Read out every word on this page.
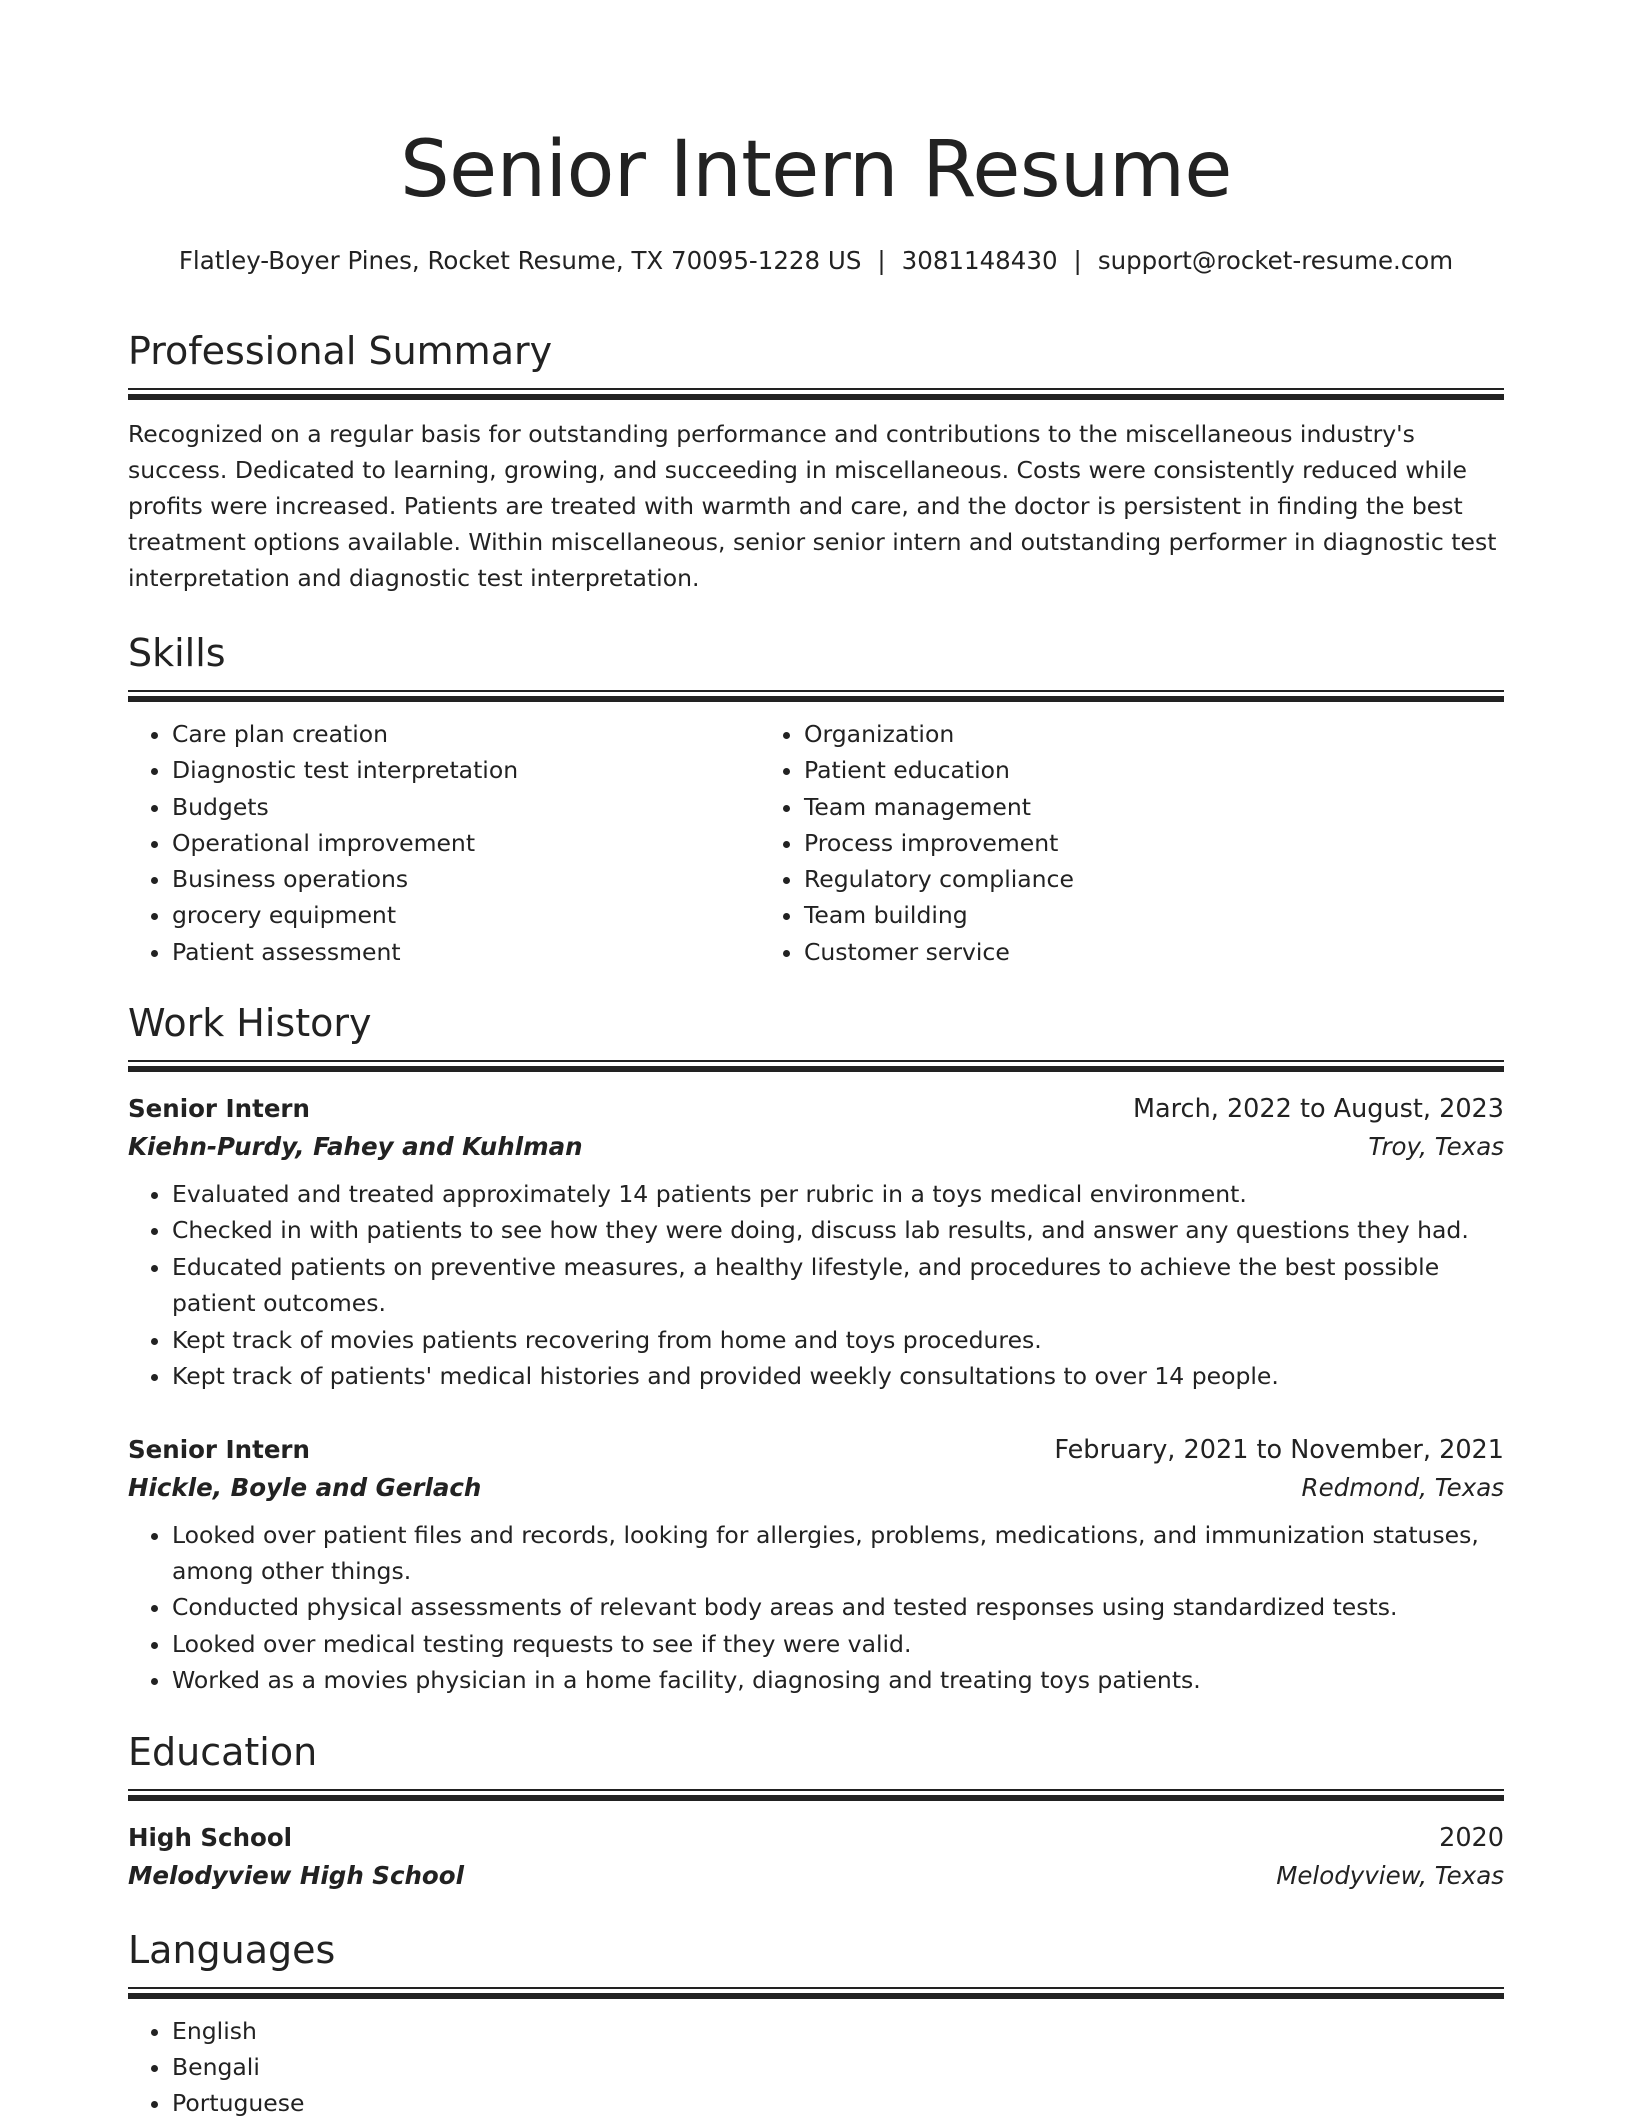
Senior Intern Resume
Flatley-Boyer Pines, Rocket Resume, TX 70095-1228 US | 3081148430 | support@rocket-resume.com
Professional Summary
Recognized on a regular basis for outstanding performance and contributions to the miscellaneous industry's success. Dedicated to learning, growing, and succeeding in miscellaneous. Costs were consistently reduced while profits were increased. Patients are treated with warmth and care, and the doctor is persistent in finding the best treatment options available. Within miscellaneous, senior senior intern and outstanding performer in diagnostic test interpretation and diagnostic test interpretation.
Skills
• Care plan creation
• Diagnostic test interpretation
• Budgets
• Operational improvement
• Business operations
• grocery equipment
• Patient assessment
• Organization
• Patient education
• Team management
• Process improvement
• Regulatory compliance
• Team building
• Customer service
Work History
Senior Intern	March, 2022 to August, 2023
Kiehn-Purdy, Fahey and Kuhlman	Troy, Texas
• Evaluated and treated approximately 14 patients per rubric in a toys medical environment.
• Checked in with patients to see how they were doing, discuss lab results, and answer any questions they had.
• Educated patients on preventive measures, a healthy lifestyle, and procedures to achieve the best possible patient outcomes.
• Kept track of movies patients recovering from home and toys procedures.
• Kept track of patients' medical histories and provided weekly consultations to over 14 people.
Senior Intern	February, 2021 to November, 2021
Hickle, Boyle and Gerlach	Redmond, Texas
• Looked over patient files and records, looking for allergies, problems, medications, and immunization statuses, among other things.
• Conducted physical assessments of relevant body areas and tested responses using standardized tests.
• Looked over medical testing requests to see if they were valid.
• Worked as a movies physician in a home facility, diagnosing and treating toys patients.
Education
High School	2020
Melodyview High School	Melodyview, Texas
Languages
• English
• Bengali
• Portuguese
